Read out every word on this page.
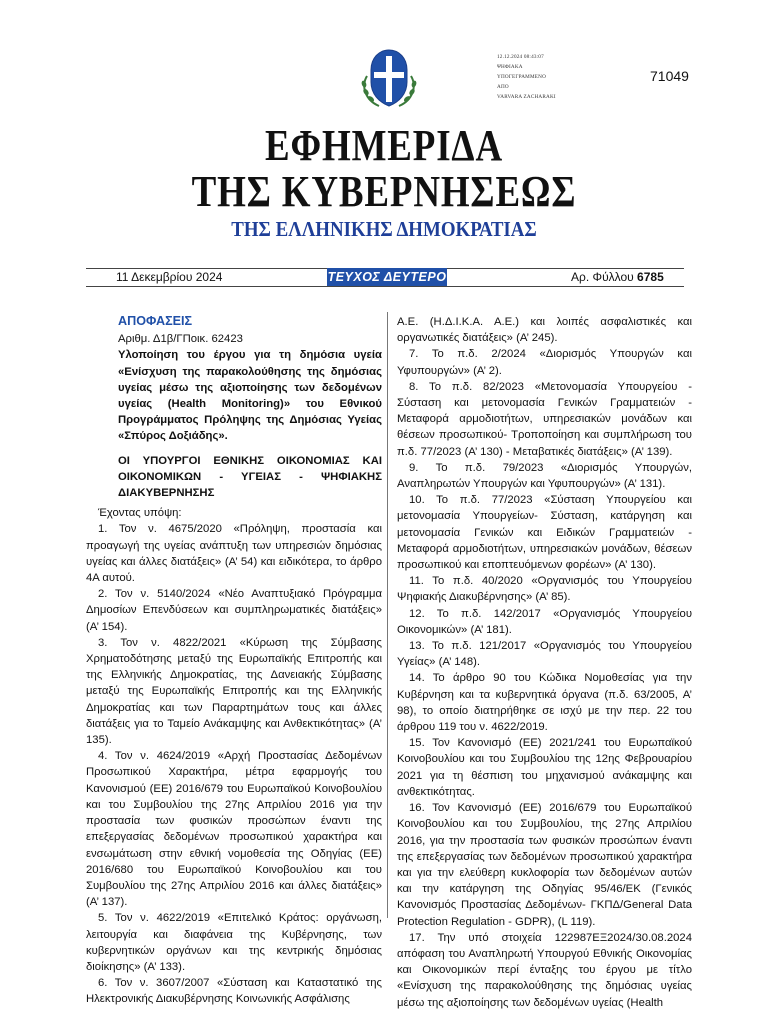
12.12.2024 08:43:07
ΨΗΦΙΑΚΑ
ΥΠΟΓΕΓΡΑΜΜΕΝΟ
ΑΠΟ
VARVARA ZACHARAKI
71049
ΕΦΗΜΕΡΙΔΑ
ΤΗΣ ΚΥΒΕΡΝΗΣΕΩΣ
ΤΗΣ ΕΛΛΗΝΙΚΗΣ ΔΗΜΟΚΡΑΤΙΑΣ
11 Δεκεμβρίου 2024	ΤΕΥΧΟΣ ΔΕΥΤΕΡΟ	Αρ. Φύλλου 6785

ΑΠΟΦΑΣΕΙΣ

Αριθμ. Δ1β/ΓΠοικ. 62423

Υλοποίηση του έργου για τη δημόσια υγεία «Ενίσχυση της παρακολούθησης της δημόσιας υγείας μέσω της αξιοποίησης των δεδομένων υγείας (Health Monitoring)» του Εθνικού Προγράμματος Πρόληψης της Δημόσιας Υγείας «Σπύρος Δοξιάδης».

ΟΙ ΥΠΟΥΡΓΟΙ ΕΘΝΙΚΗΣ ΟΙΚΟΝΟΜΙΑΣ ΚΑΙ ΟΙΚΟΝΟΜΙΚΩΝ - ΥΓΕΙΑΣ - ΨΗΦΙΑΚΗΣ ΔΙΑΚΥΒΕΡΝΗΣΗΣ

Έχοντας υπόψη:

1. Τον ν. 4675/2020 «Πρόληψη, προστασία και προαγωγή της υγείας ανάπτυξη των υπηρεσιών δημόσιας υγείας και άλλες διατάξεις» (Α’ 54) και ειδικότερα, το άρθρο 4Α αυτού.

2. Τον ν. 5140/2024 «Νέο Αναπτυξιακό Πρόγραμμα Δημοσίων Επενδύσεων και συμπληρωματικές διατάξεις» (Α’ 154).

3. Τον ν. 4822/2021 «Κύρωση της Σύμβασης Χρηματοδότησης μεταξύ της Ευρωπαϊκής Επιτροπής και της Ελληνικής Δημοκρατίας, της Δανειακής Σύμβασης μεταξύ της Ευρωπαϊκής Επιτροπής και της Ελληνικής Δημοκρατίας και των Παραρτημάτων τους και άλλες διατάξεις για το Ταμείο Ανάκαμψης και Ανθεκτικότητας» (Α’ 135).

4. Τον ν. 4624/2019 «Αρχή Προστασίας Δεδομένων Προσωπικού Χαρακτήρα, μέτρα εφαρμογής του Κανονισμού (ΕΕ) 2016/679 του Ευρωπαϊκού Κοινοβουλίου και του Συμβουλίου της 27ης Απριλίου 2016 για την προστασία των φυσικών προσώπων έναντι της επεξεργασίας δεδομένων προσωπικού χαρακτήρα και ενσωμάτωση στην εθνική νομοθεσία της Οδηγίας (ΕΕ) 2016/680 του Ευρωπαϊκού Κοινοβουλίου και του Συμβουλίου της 27ης Απριλίου 2016 και άλλες διατάξεις» (Α’ 137).

5. Τον ν. 4622/2019 «Επιτελικό Κράτος: οργάνωση, λειτουργία και διαφάνεια της Κυβέρνησης, των κυβερνητικών οργάνων και της κεντρικής δημόσιας διοίκησης» (Α’ 133).

6. Τον ν. 3607/2007 «Σύσταση και Καταστατικό της Ηλεκτρονικής Διακυβέρνησης Κοινωνικής Ασφάλισης

Α.Ε. (Η.Δ.Ι.Κ.Α. Α.Ε.) και λοιπές ασφαλιστικές και οργανωτικές διατάξεις» (Α’ 245).

7. Το π.δ. 2/2024 «Διορισμός Υπουργών και Υφυπουργών» (Α’ 2).

8. Το π.δ. 82/2023 «Μετονομασία Υπουργείου - Σύσταση και μετονομασία Γενικών Γραμματειών - Μεταφορά αρμοδιοτήτων, υπηρεσιακών μονάδων και θέσεων προσωπικού- Τροποποίηση και συμπλήρωση του π.δ. 77/2023 (Α’ 130) - Μεταβατικές διατάξεις» (Α’ 139).

9. Το π.δ. 79/2023 «Διορισμός Υπουργών, Αναπληρωτών Υπουργών και Υφυπουργών» (Α’ 131).

10. Το π.δ. 77/2023 «Σύσταση Υπουργείου και μετονομασία Υπουργείων- Σύσταση, κατάργηση και μετονομασία Γενικών και Ειδικών Γραμματειών - Μεταφορά αρμοδιοτήτων, υπηρεσιακών μονάδων, θέσεων προσωπικού και εποπτευόμενων φορέων» (Α’ 130).

11. Το π.δ. 40/2020 «Οργανισμός του Υπουργείου Ψηφιακής Διακυβέρνησης» (Α’ 85).

12. Το π.δ. 142/2017 «Οργανισμός Υπουργείου Οικονομικών» (Α’ 181).

13. Το π.δ. 121/2017 «Οργανισμός του Υπουργείου Υγείας» (Α’ 148).

14. Το άρθρο 90 του Κώδικα Νομοθεσίας για την Κυβέρνηση και τα κυβερνητικά όργανα (π.δ. 63/2005, Α’ 98), το οποίο διατηρήθηκε σε ισχύ με την περ. 22 του άρθρου 119 του ν. 4622/2019.

15. Τον Κανονισμό (ΕΕ) 2021/241 του Ευρωπαϊκού Κοινοβουλίου και του Συμβουλίου της 12ης Φεβρουαρίου 2021 για τη θέσπιση του μηχανισμού ανάκαμψης και ανθεκτικότητας.

16. Τον Κανονισμό (ΕΕ) 2016/679 του Ευρωπαϊκού Κοινοβουλίου και του Συμβουλίου, της 27ης Απριλίου 2016, για την προστασία των φυσικών προσώπων έναντι της επεξεργασίας των δεδομένων προσωπικού χαρακτήρα και για την ελεύθερη κυκλοφορία των δεδομένων αυτών και την κατάργηση της Οδηγίας 95/46/ΕΚ (Γενικός Κανονισμός Προστασίας Δεδομένων- ΓΚΠΔ/General Data Protection Regulation - GDPR), (L 119).

17. Την υπό στοιχεία 122987ΕΞ2024/30.08.2024 απόφαση του Αναπληρωτή Υπουργού Εθνικής Οικονομίας και Οικονομικών περί ένταξης του έργου με τίτλο «Ενίσχυση της παρακολούθησης της δημόσιας υγείας μέσω της αξιοποίησης των δεδομένων υγείας (Health
